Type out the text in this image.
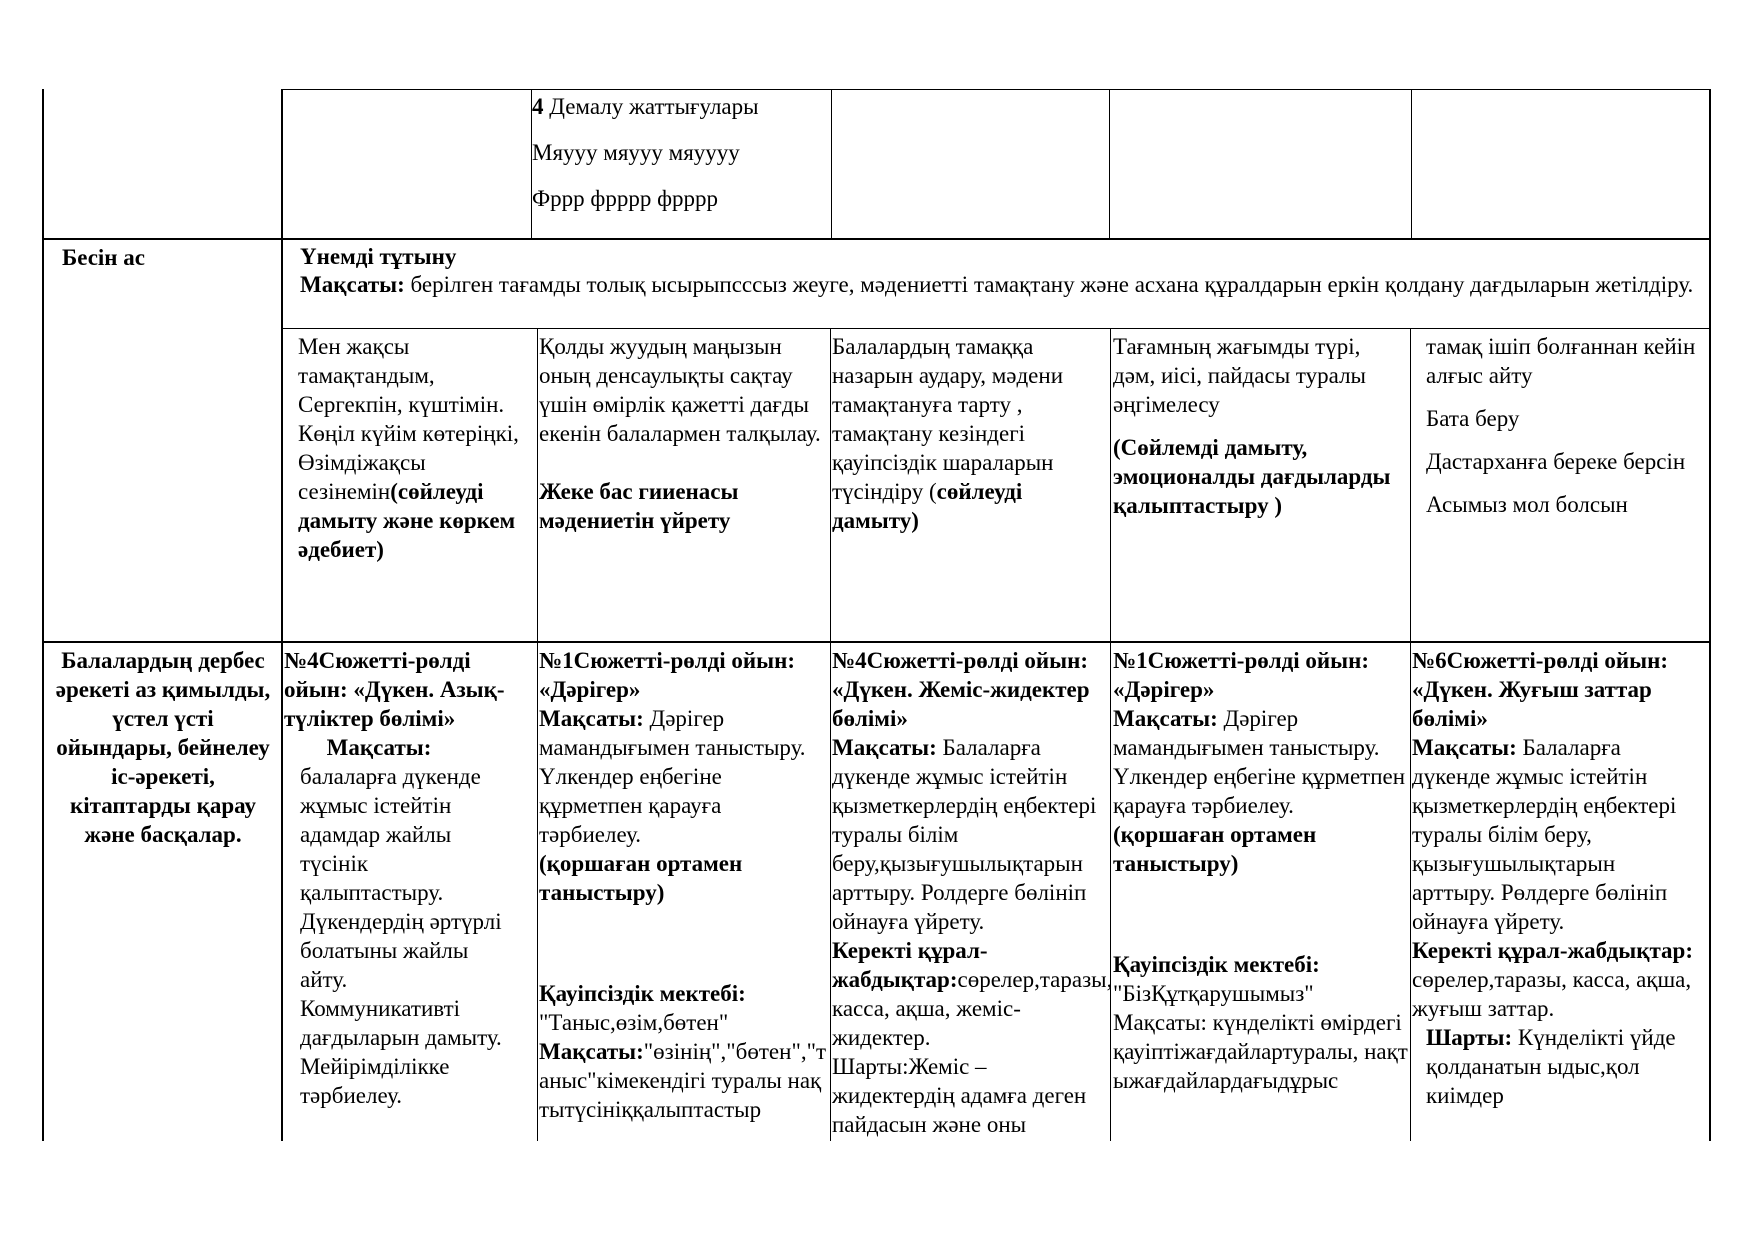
4 Демалу жаттығулары

Мяууу мяууу мяуууу

Фррр фрррр фрррр

Бесін ас	Үнемді тұтыну

Мақсаты: берілген тағамды толық ысырыпсссыз жеуге, мәдениетті тамақтану және асхана құралдарын еркін қолдану дағдыларын жетілдіру.

Мен жақсы тамақтандым, Сергекпін, күштімін. Көңіл күйім көтеріңкі, Өзімдіжақсы сезінемін(сөйлеуді дамыту және көркем әдебиет)

Қолды жуудың маңызын оның денсаулықты сақтау үшін өмірлік қажетті дағды екенін балалармен талқылау.

Жеке бас гииенасы мәдениетін үйрету

Балалардың тамаққа назарын аудару, мәдени тамақтануға тарту , тамақтану кезіндегі қауіпсіздік шараларын түсіндіру (сөйлеуді дамыту)

Тағамның жағымды түрі, дәм, иісі, пайдасы туралы әңгімелесу

(Сөйлемді дамыту, эмоционалды дағдыларды қалыптастыру )

тамақ ішіп болғаннан кейін алғыс айту

Бата беру

Дастарханға береке берсін

Асымыз мол болсын

Балалардың дербес әрекеті аз қимылды, үстел үсті ойындары, бейнелеу іс-әрекеті, кітаптарды қарау және басқалар.

№4Сюжетті-рөлді ойын: «Дүкен. Азық-түліктер бөлімі»

Мақсаты:

балаларға дүкенде жұмыс істейтін адамдар жайлы түсінік қалыптастыру. Дүкендердің әртүрлі болатыны жайлы айту. Коммуникативті дағдыларын дамыту. Мейірімділікке тәрбиелеу.

№1Сюжетті-рөлді ойын: «Дәрігер»

Мақсаты: Дәрігер мамандығымен таныстыру. Үлкендер еңбегіне құрметпен қарауға тәрбиелеу.

(қоршаған ортамен таныстыру)

Қауіпсіздік мектебі:

"Таныс,өзім,бөтен"

Мақсаты:"өзінің","бөтен","таныс"кімекендігі туралы нақтытүсініққалыптастыр

№4Сюжетті-рөлді ойын: «Дүкен. Жеміс-жидектер бөлімі»

Мақсаты: Балаларға дүкенде жұмыс істейтін қызметкерлердің еңбектері туралы білім беру,қызығушылықтарын арттыру. Ролдерге бөлініп ойнауға үйрету.

Керекті құрал-жабдықтар:сөрелер,таразы, касса, ақша, жеміс-жидектер.

Шарты:Жеміс – жидектердің адамға деген пайдасын және оны

№1Сюжетті-рөлді ойын: «Дәрігер»

Мақсаты: Дәрігер мамандығымен таныстыру. Үлкендер еңбегіне құрметпен қарауға тәрбиелеу.

(қоршаған ортамен таныстыру)

Қауіпсіздік мектебі:

"БізҚұтқарушымыз"

Мақсаты: күнделікті өмірдегіқауіптіжағдайлартуралы, нақтыжағдайлардағыдұрыс

№6Сюжетті-рөлді ойын: «Дүкен. Жуғыш заттар бөлімі»

Мақсаты: Балаларға дүкенде жұмыс істейтін қызметкерлердің еңбектері туралы білім беру, қызығушылықтарын арттыру. Рөлдерге бөлініп ойнауға үйрету.

Керекті құрал-жабдықтар:
сөрелер,таразы, касса, ақша, жуғыш заттар.

Шарты: Күнделікті үйде қолданатын ыдыс,қол киімдер
